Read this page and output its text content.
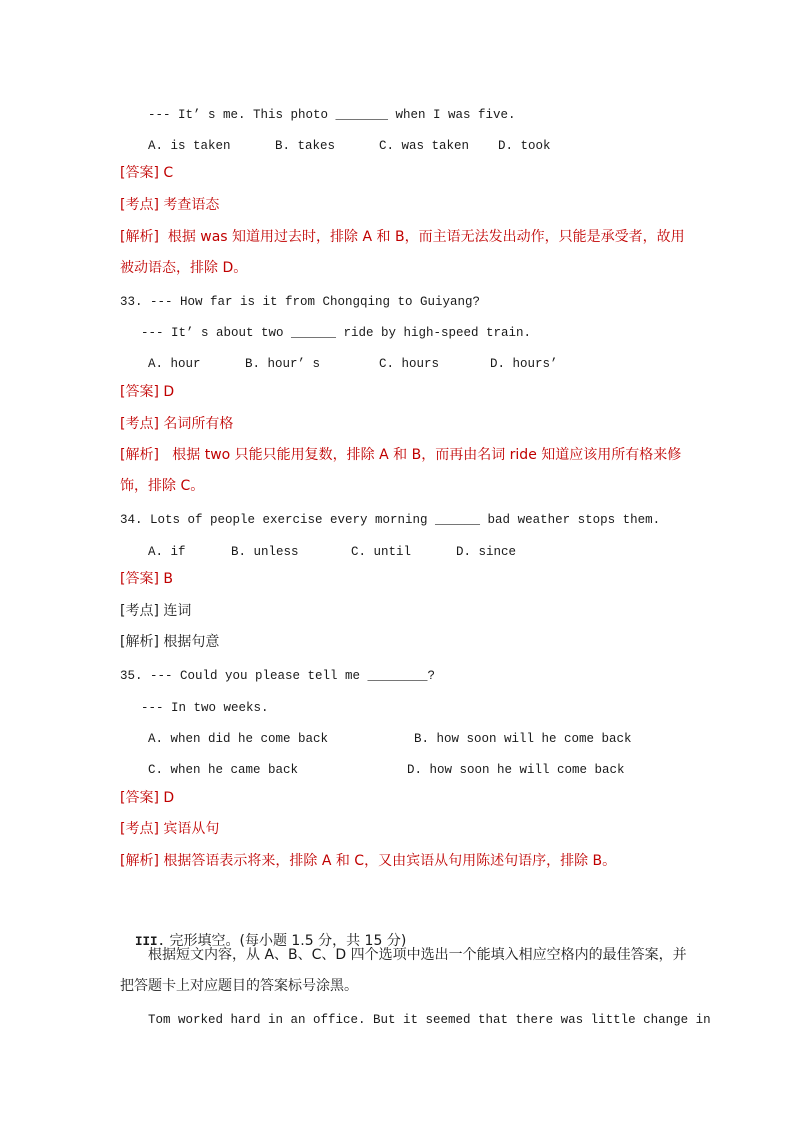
--- It’ s me. This photo _______ when I was five.
A. is taken	B. takes	C. was taken D. took
[答案] C
[考点] 考查语态
[解析]  根据 was 知道用过去时，排除 A 和 B，而主语无法发出动作，只能是承受者，故用
被动语态，排除 D。
33. --- How far is it from Chongqing to Guiyang?
--- It’ s about two ______ ride by high-speed train.
A. hour	B. hour’ s	C. hours	D. hours’
[答案] D
[考点] 名词所有格
[解析]   根据 two 只能只能用复数，排除 A 和 B，而再由名词 ride 知道应该用所有格来修
饰，排除 C。
34. Lots of people exercise every morning ______ bad weather stops them.
A. if	B. unless	C. until	D. since
[答案] B
[考点] 连词
[解析] 根据句意
35. --- Could you please tell me ________?
--- In two weeks.
A. when did he come back	B. how soon will he come back
C. when he came back	D. how soon he will come back
[答案] D
[考点] 宾语从句
[解析] 根据答语表示将来，排除 A 和 C，又由宾语从句用陈述句语序，排除 B。

III. 完形填空。(每小题 1.5 分，共 15 分)

根据短文内容，从 A、B、C、D 四个选项中选出一个能填入相应空格内的最佳答案，并
把答题卡上对应题目的答案标号涂黑。
Tom worked hard in an office. But it seemed that there was little change in
